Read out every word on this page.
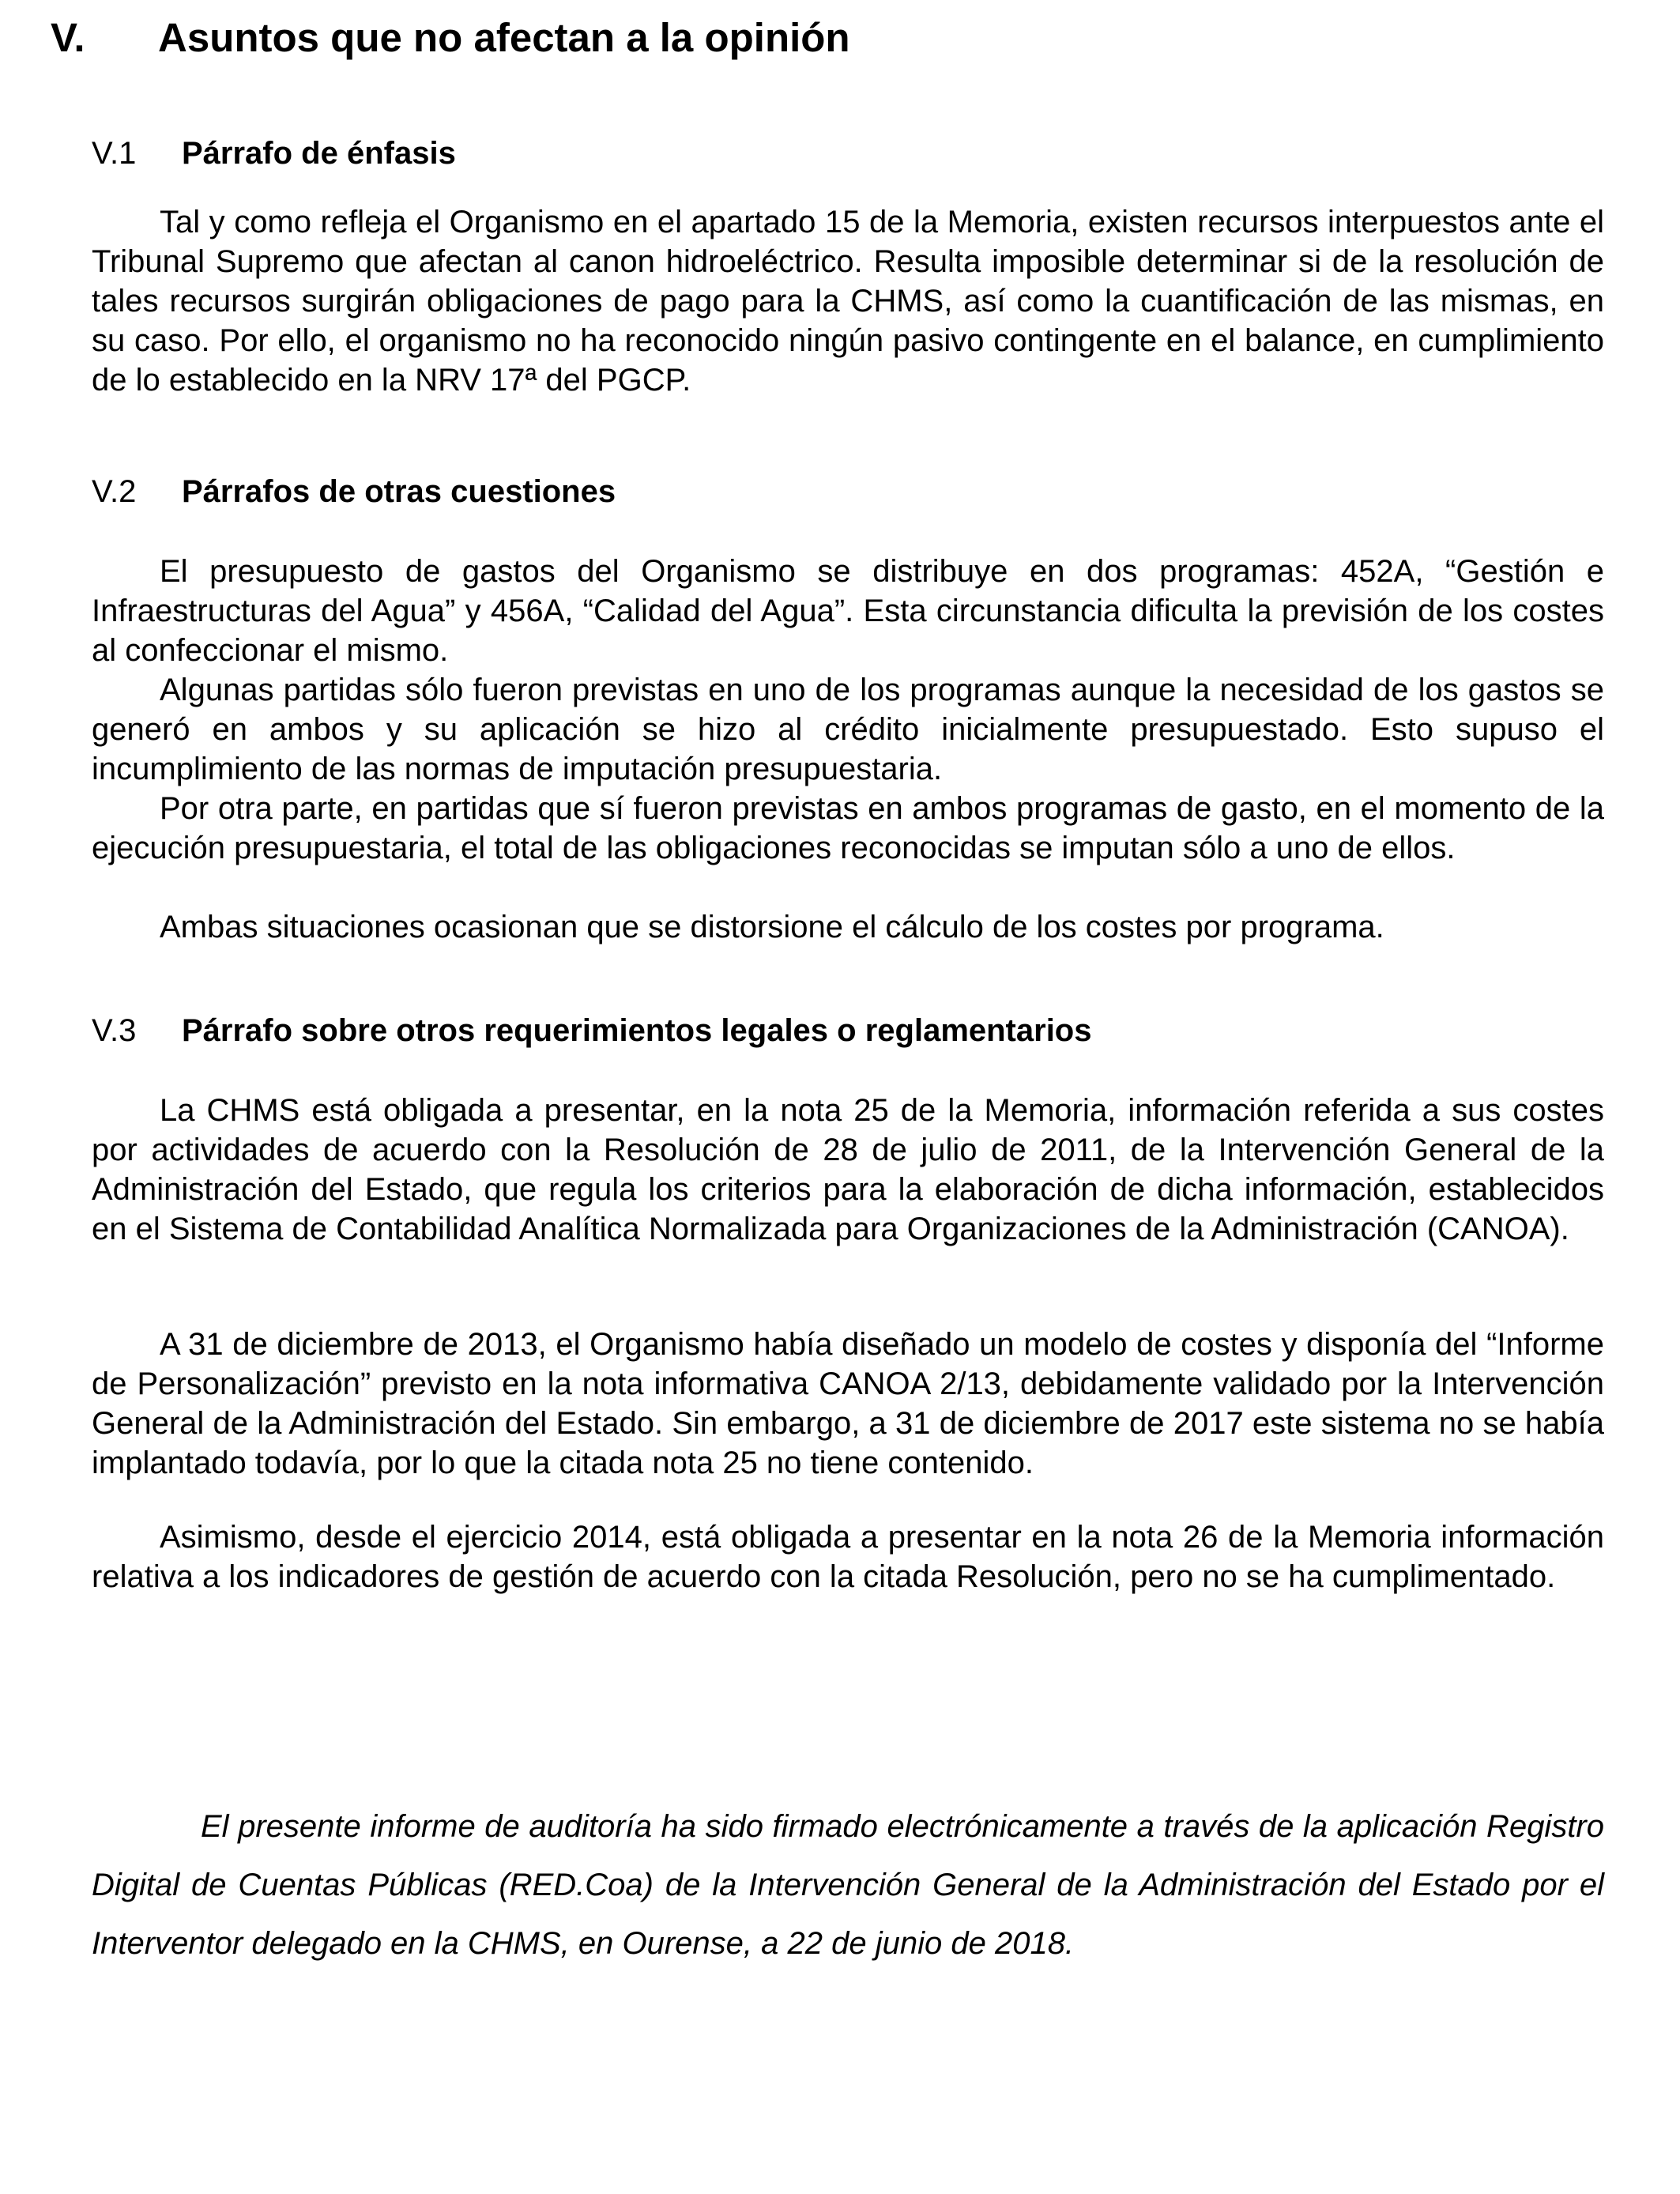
V. Asuntos que no afectan a la opinión
V.1 Párrafo de énfasis

Tal y como refleja el Organismo en el apartado 15 de la Memoria, existen recursos interpuestos ante el Tribunal Supremo que afectan al canon hidroeléctrico. Resulta imposible determinar si de la resolución de tales recursos surgirán obligaciones de pago para la CHMS, así como la cuantificación de las mismas, en su caso. Por ello, el organismo no ha reconocido ningún pasivo contingente en el balance, en cumplimiento de lo establecido en la NRV 17ª del PGCP.

V.2 Párrafos de otras cuestiones

El presupuesto de gastos del Organismo se distribuye en dos programas: 452A, “Gestión e Infraestructuras del Agua” y 456A, “Calidad del Agua”. Esta circunstancia dificulta la previsión de los costes al confeccionar el mismo.

Algunas partidas sólo fueron previstas en uno de los programas aunque la necesidad de los gastos se generó en ambos y su aplicación se hizo al crédito inicialmente presupuestado. Esto supuso el incumplimiento de las normas de imputación presupuestaria.

Por otra parte, en partidas que sí fueron previstas en ambos programas de gasto, en el momento de la ejecución presupuestaria, el total de las obligaciones reconocidas se imputan sólo a uno de ellos.

Ambas situaciones ocasionan que se distorsione el cálculo de los costes por programa.

V.3 Párrafo sobre otros requerimientos legales o reglamentarios

La CHMS está obligada a presentar, en la nota 25 de la Memoria, información referida a sus costes por actividades de acuerdo con la Resolución de 28 de julio de 2011, de la Intervención General de la Administración del Estado, que regula los criterios para la elaboración de dicha información, establecidos en el Sistema de Contabilidad Analítica Normalizada para Organizaciones de la Administración (CANOA).

A 31 de diciembre de 2013, el Organismo había diseñado un modelo de costes y disponía del “Informe de Personalización” previsto en la nota informativa CANOA 2/13, debidamente validado por la Intervención General de la Administración del Estado. Sin embargo, a 31 de diciembre de 2017 este sistema no se había implantado todavía, por lo que la citada nota 25 no tiene contenido.

Asimismo, desde el ejercicio 2014, está obligada a presentar en la nota 26 de la Memoria información relativa a los indicadores de gestión de acuerdo con la citada Resolución, pero no se ha cumplimentado.

El presente informe de auditoría ha sido firmado electrónicamente a través de la aplicación Registro Digital de Cuentas Públicas (RED.Coa) de la Intervención General de la Administración del Estado por el Interventor delegado en la CHMS, en Ourense, a 22 de junio de 2018.
